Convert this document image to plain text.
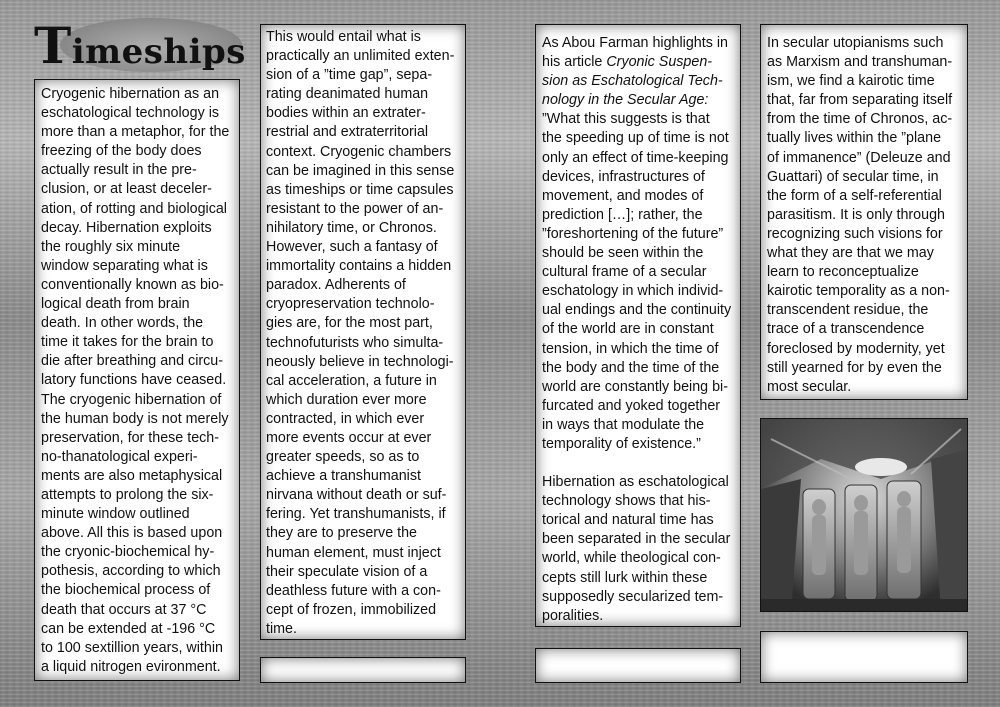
Timeships

Cryogenic hibernation as an

eschatological technology is

more than a metaphor, for the

freezing of the body does

actually result in the pre-

clusion, or at least deceler-

ation, of rotting and biological

decay. Hibernation exploits

the roughly six minute

window separating what is

conventionally known as bio-

logical death from brain

death. In other words, the

time it takes for the brain to

die after breathing and circu-

latory functions have ceased.

The cryogenic hibernation of

the human body is not merely

preservation, for these tech-

no-thanatological experi-

ments are also metaphysical

attempts to prolong the six-

minute window outlined

above. All this is based upon

the cryonic-biochemical hy-

pothesis, according to which

the biochemical process of

death that occurs at 37 °C

can be extended at -196 °C

to 100 sextillion years, within

a liquid nitrogen evironment.

This would entail what is

practically an unlimited exten-

sion of a ”time gap”, sepa-

rating deanimated human

bodies within an extrater-

restrial and extraterritorial

context. Cryogenic chambers

can be imagined in this sense

as timeships or time capsules

resistant to the power of an-

nihilatory time, or Chronos.

However, such a fantasy of

immortality contains a hidden

paradox. Adherents of

cryopreservation technolo-

gies are, for the most part,

technofuturists who simulta-

neously believe in technologi-

cal acceleration, a future in

which duration ever more

contracted, in which ever

more events occur at ever

greater speeds, so as to

achieve a transhumanist

nirvana without death or suf-

fering. Yet transhumanists, if

they are to preserve the

human element, must inject

their speculate vision of a

deathless future with a con-

cept of frozen, immobilized

time.

As Abou Farman highlights in

his article Cryonic Suspen-

sion as Eschatological Tech-

nology in the Secular Age:

”What this suggests is that

the speeding up of time is not

only an effect of time-keeping

devices, infrastructures of

movement, and modes of

prediction […]; rather, the

”foreshortening of the future”

should be seen within the

cultural frame of a secular

eschatology in which individ-

ual endings and the continuity

of the world are in constant

tension, in which the time of

the body and the time of the

world are constantly being bi-

furcated and yoked together

in ways that modulate the

temporality of existence.”

Hibernation as eschatological

technology shows that his-

torical and natural time has

been separated in the secular

world, while theological con-

cepts still lurk within these

supposedly secularized tem-

poralities.

In secular utopianisms such

as Marxism and transhuman-

ism, we find a kairotic time

that, far from separating itself

from the time of Chronos, ac-

tually lives within the ”plane

of immanence” (Deleuze and

Guattari) of secular time, in

the form of a self-referential

parasitism. It is only through

recognizing such visions for

what they are that we may

learn to reconceptualize

kairotic temporality as a non-

transcendent residue, the

trace of a transcendence

foreclosed by modernity, yet

still yearned for by even the

most secular.
